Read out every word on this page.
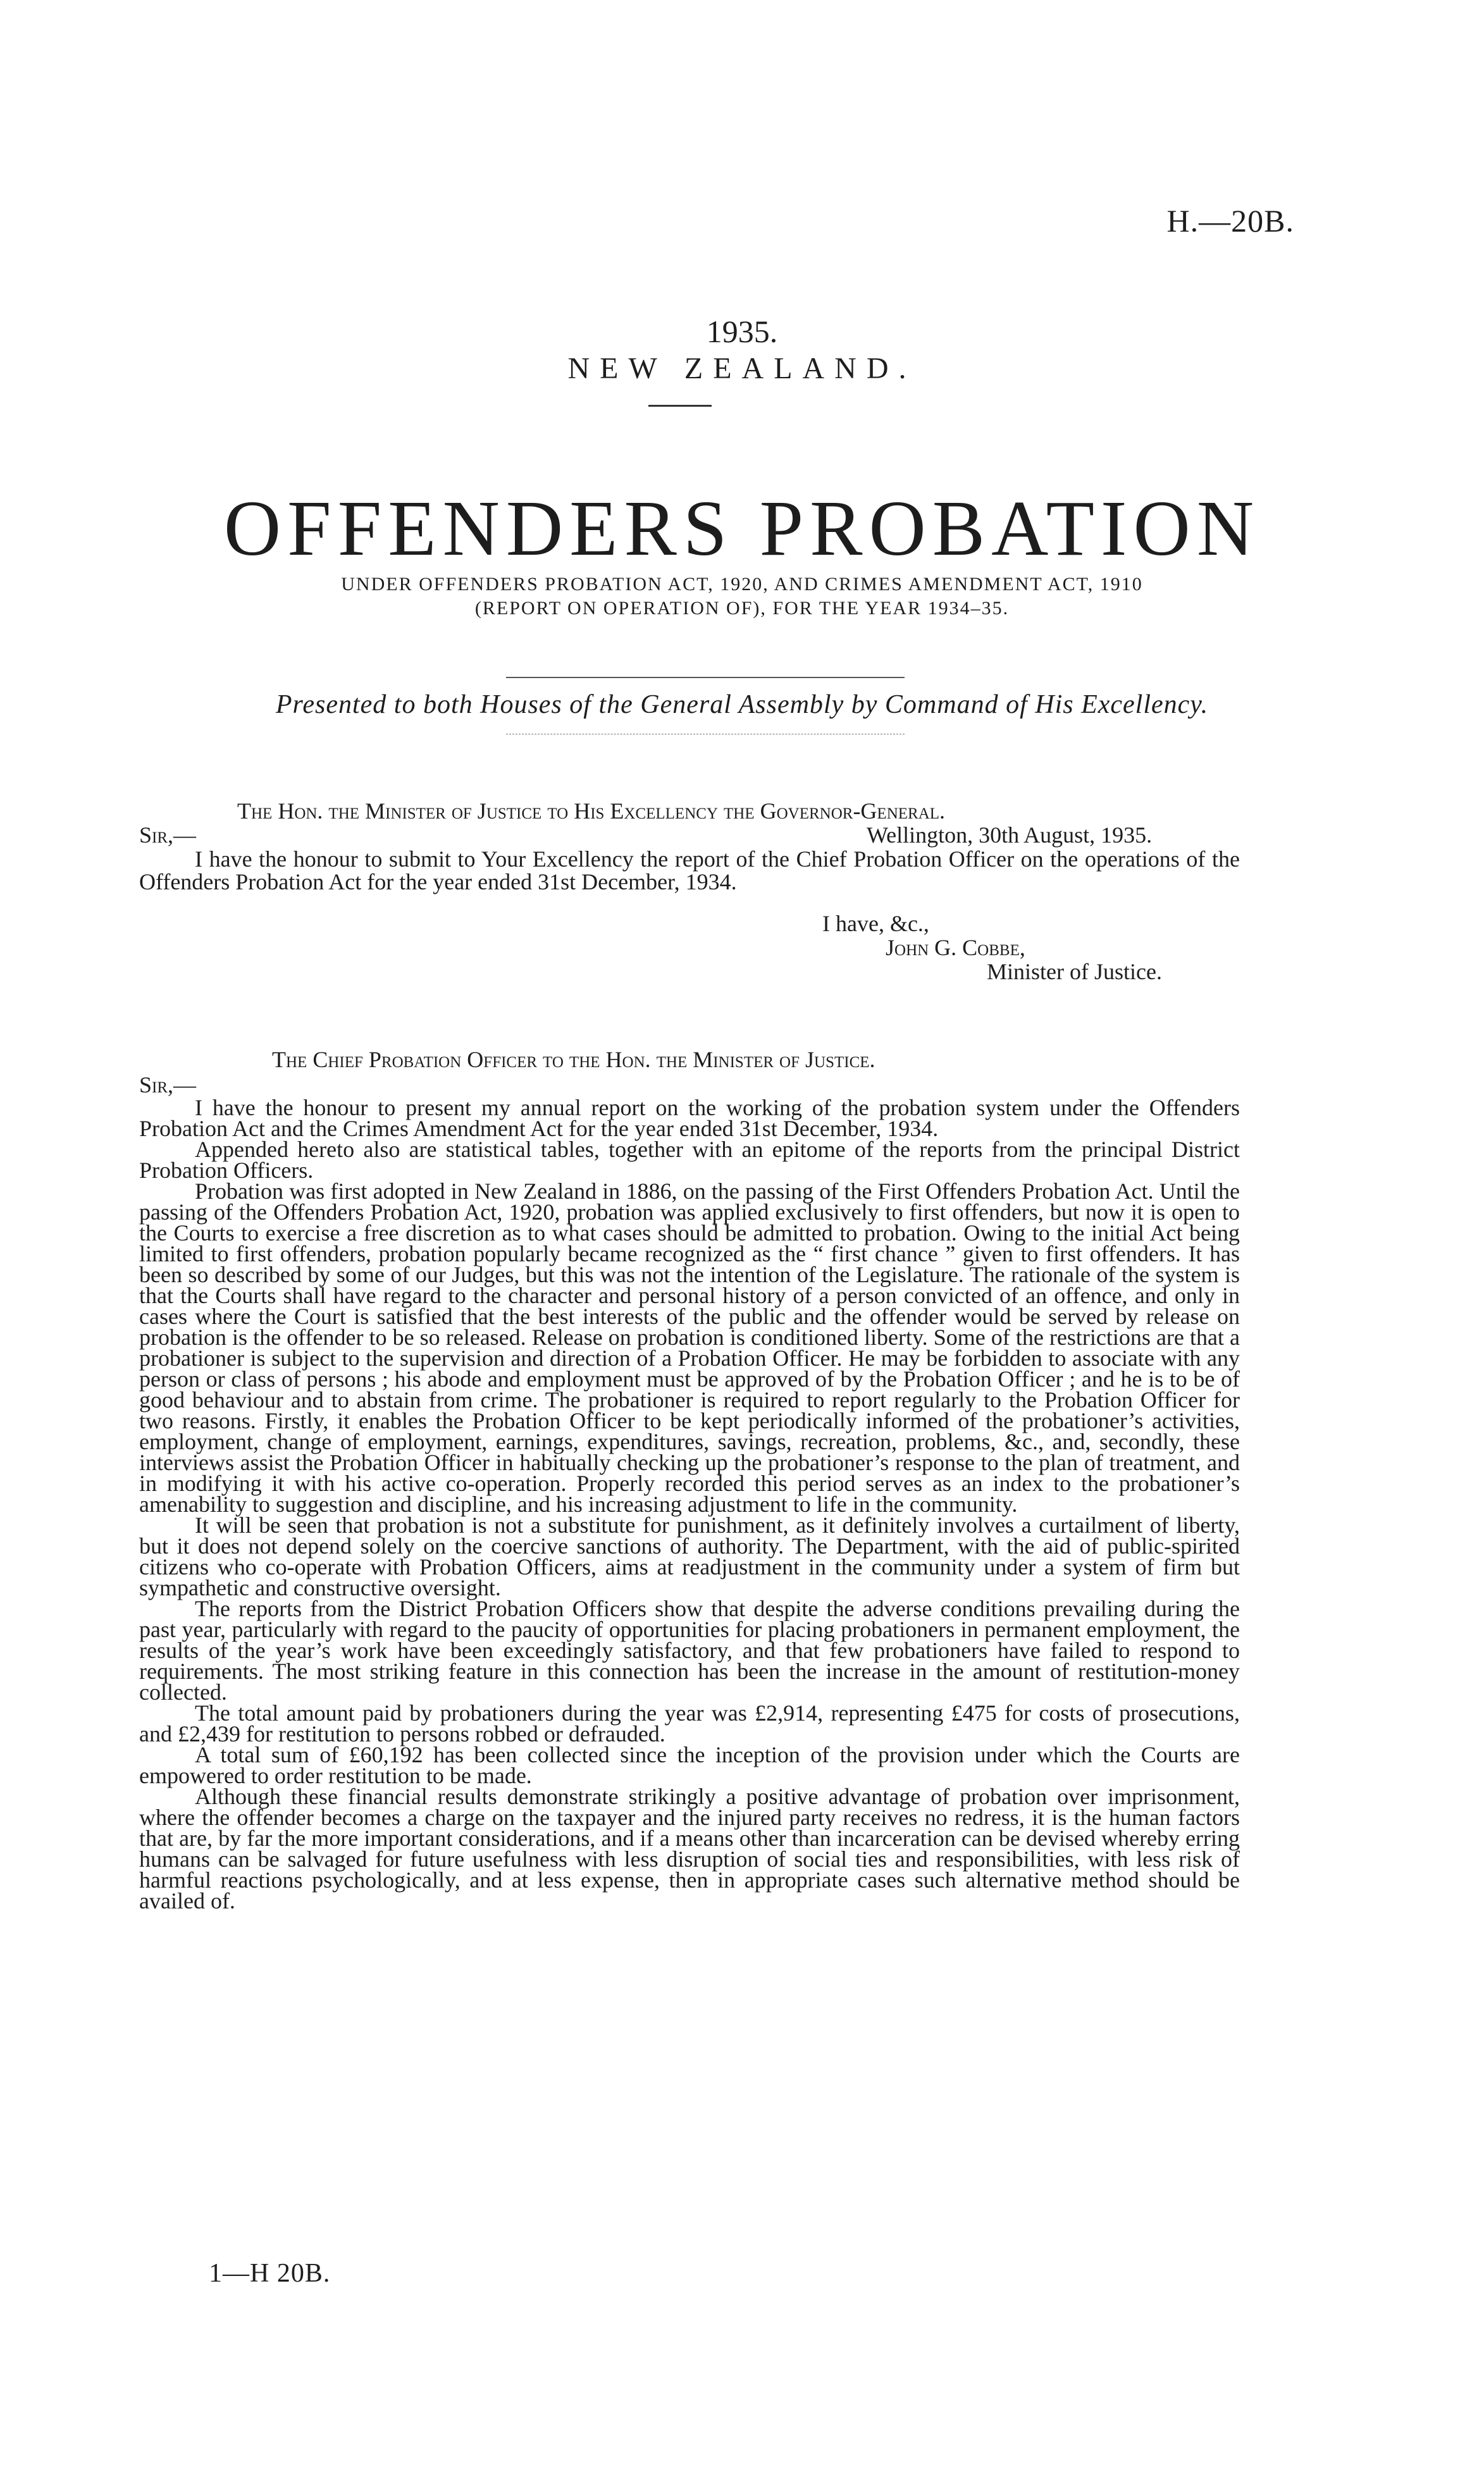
H.—20B.
1935.
NEW ZEALAND.
OFFENDERS PROBATION
UNDER OFFENDERS PROBATION ACT, 1920, AND CRIMES AMENDMENT ACT, 1910
(REPORT ON OPERATION OF), FOR THE YEAR 1934–35.
Presented to both Houses of the General Assembly by Command of His Excellency.
The Hon. the Minister of Justice to His Excellency the Governor-General.
Sir,—	Wellington, 30th August, 1935.

I have the honour to submit to Your Excellency the report of the Chief Probation Officer on the operations of the Offenders Probation Act for the year ended 31st December, 1934.

I have, &c.,
John G. Cobbe,
Minister of Justice.
The Chief Probation Officer to the Hon. the Minister of Justice.
Sir,—

I have the honour to present my annual report on the working of the probation system under the Offenders Probation Act and the Crimes Amendment Act for the year ended 31st December, 1934.

Appended hereto also are statistical tables, together with an epitome of the reports from the principal District Probation Officers.

Probation was first adopted in New Zealand in 1886, on the passing of the First Offenders Probation Act. Until the passing of the Offenders Probation Act, 1920, probation was applied exclusively to first offenders, but now it is open to the Courts to exercise a free discretion as to what cases should be admitted to probation. Owing to the initial Act being limited to first offenders, probation popularly became recognized as the “ first chance ” given to first offenders. It has been so described by some of our Judges, but this was not the intention of the Legislature. The rationale of the system is that the Courts shall have regard to the character and personal history of a person convicted of an offence, and only in cases where the Court is satisfied that the best interests of the public and the offender would be served by release on probation is the offender to be so released. Release on probation is conditioned liberty. Some of the restrictions are that a probationer is subject to the supervision and direction of a Probation Officer. He may be forbidden to associate with any person or class of persons ; his abode and employment must be approved of by the Probation Officer ; and he is to be of good behaviour and to abstain from crime. The probationer is required to report regularly to the Probation Officer for two reasons. Firstly, it enables the Probation Officer to be kept periodically informed of the probationer’s activities, employment, change of employment, earnings, expenditures, savings, recreation, problems, &c., and, secondly, these interviews assist the Probation Officer in habitually checking up the probationer’s response to the plan of treatment, and in modifying it with his active co-operation. Properly recorded this period serves as an index to the probationer’s amenability to suggestion and discipline, and his increasing adjustment to life in the community.

It will be seen that probation is not a substitute for punishment, as it definitely involves a curtailment of liberty, but it does not depend solely on the coercive sanctions of authority. The Department, with the aid of public-spirited citizens who co-operate with Probation Officers, aims at readjustment in the community under a system of firm but sympathetic and constructive oversight.

The reports from the District Probation Officers show that despite the adverse conditions prevailing during the past year, particularly with regard to the paucity of opportunities for placing probationers in permanent employment, the results of the year’s work have been exceedingly satisfactory, and that few probationers have failed to respond to requirements. The most striking feature in this connection has been the increase in the amount of restitution-money collected.

The total amount paid by probationers during the year was £2,914, representing £475 for costs of prosecutions, and £2,439 for restitution to persons robbed or defrauded.

A total sum of £60,192 has been collected since the inception of the provision under which the Courts are empowered to order restitution to be made.

Although these financial results demonstrate strikingly a positive advantage of probation over imprisonment, where the offender becomes a charge on the taxpayer and the injured party receives no redress, it is the human factors that are, by far the more important considerations, and if a means other than incarceration can be devised whereby erring humans can be salvaged for future usefulness with less disruption of social ties and responsibilities, with less risk of harmful reactions psychologically, and at less expense, then in appropriate cases such alternative method should be availed of.

1—H 20B.
